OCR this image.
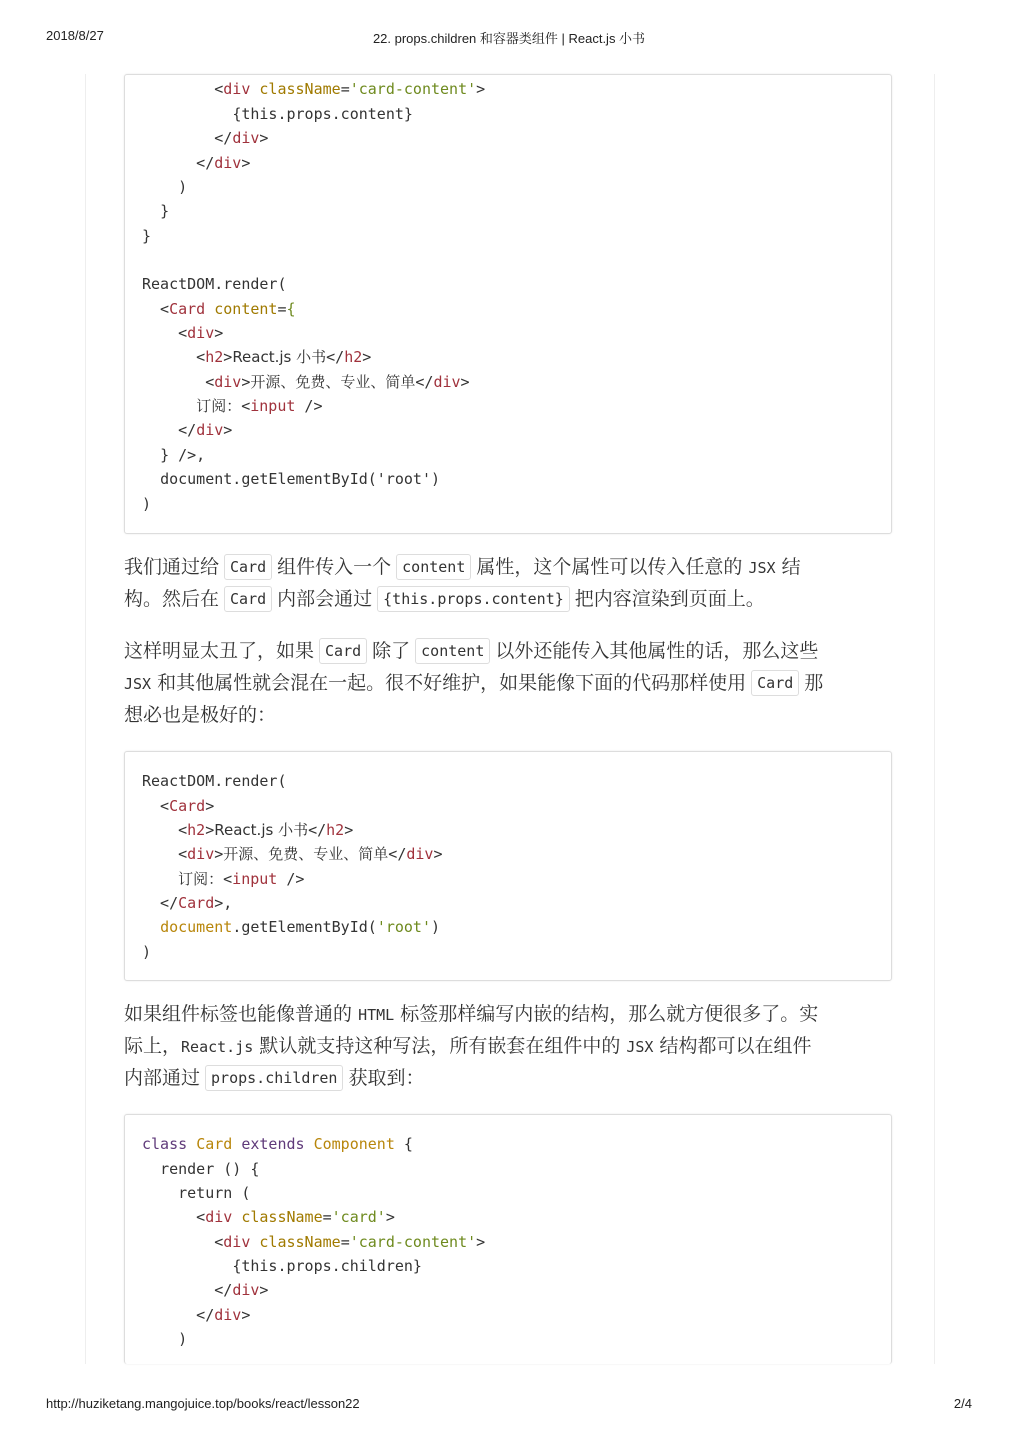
2018/8/27	22. props.children 和容器类组件 | React.js 小书
<div className='card-content'>
{this.props.content}
</div>
</div>
)
}
}
ReactDOM.render(
<Card content={
<div>
<h2>React.js 小书</h2>
<div>开源、免费、专业、简单</div>
订阅：<input />
</div>
} />,
document.getElementById('root')
)
我们通过给 Card 组件传入一个 content 属性，这个属性可以传入任意的 JSX 结
构。然后在 Card 内部会通过 {this.props.content} 把内容渲染到页面上。
这样明显太丑了，如果 Card 除了 content 以外还能传入其他属性的话，那么这些
JSX 和其他属性就会混在一起。很不好维护，如果能像下面的代码那样使用 Card 那
想必也是极好的：
ReactDOM.render(
<Card>
<h2>React.js 小书</h2>
<div>开源、免费、专业、简单</div>
订阅：<input />
</Card>,
document.getElementById('root')
)
如果组件标签也能像普通的 HTML 标签那样编写内嵌的结构，那么就方便很多了。实
际上，React.js 默认就支持这种写法，所有嵌套在组件中的 JSX 结构都可以在组件
内部通过 props.children 获取到：
class Card extends Component {
render () {
return (
<div className='card'>
<div className='card-content'>
{this.props.children}
</div>
</div>
)
http://huziketang.mangojuice.top/books/react/lesson22	2/4
